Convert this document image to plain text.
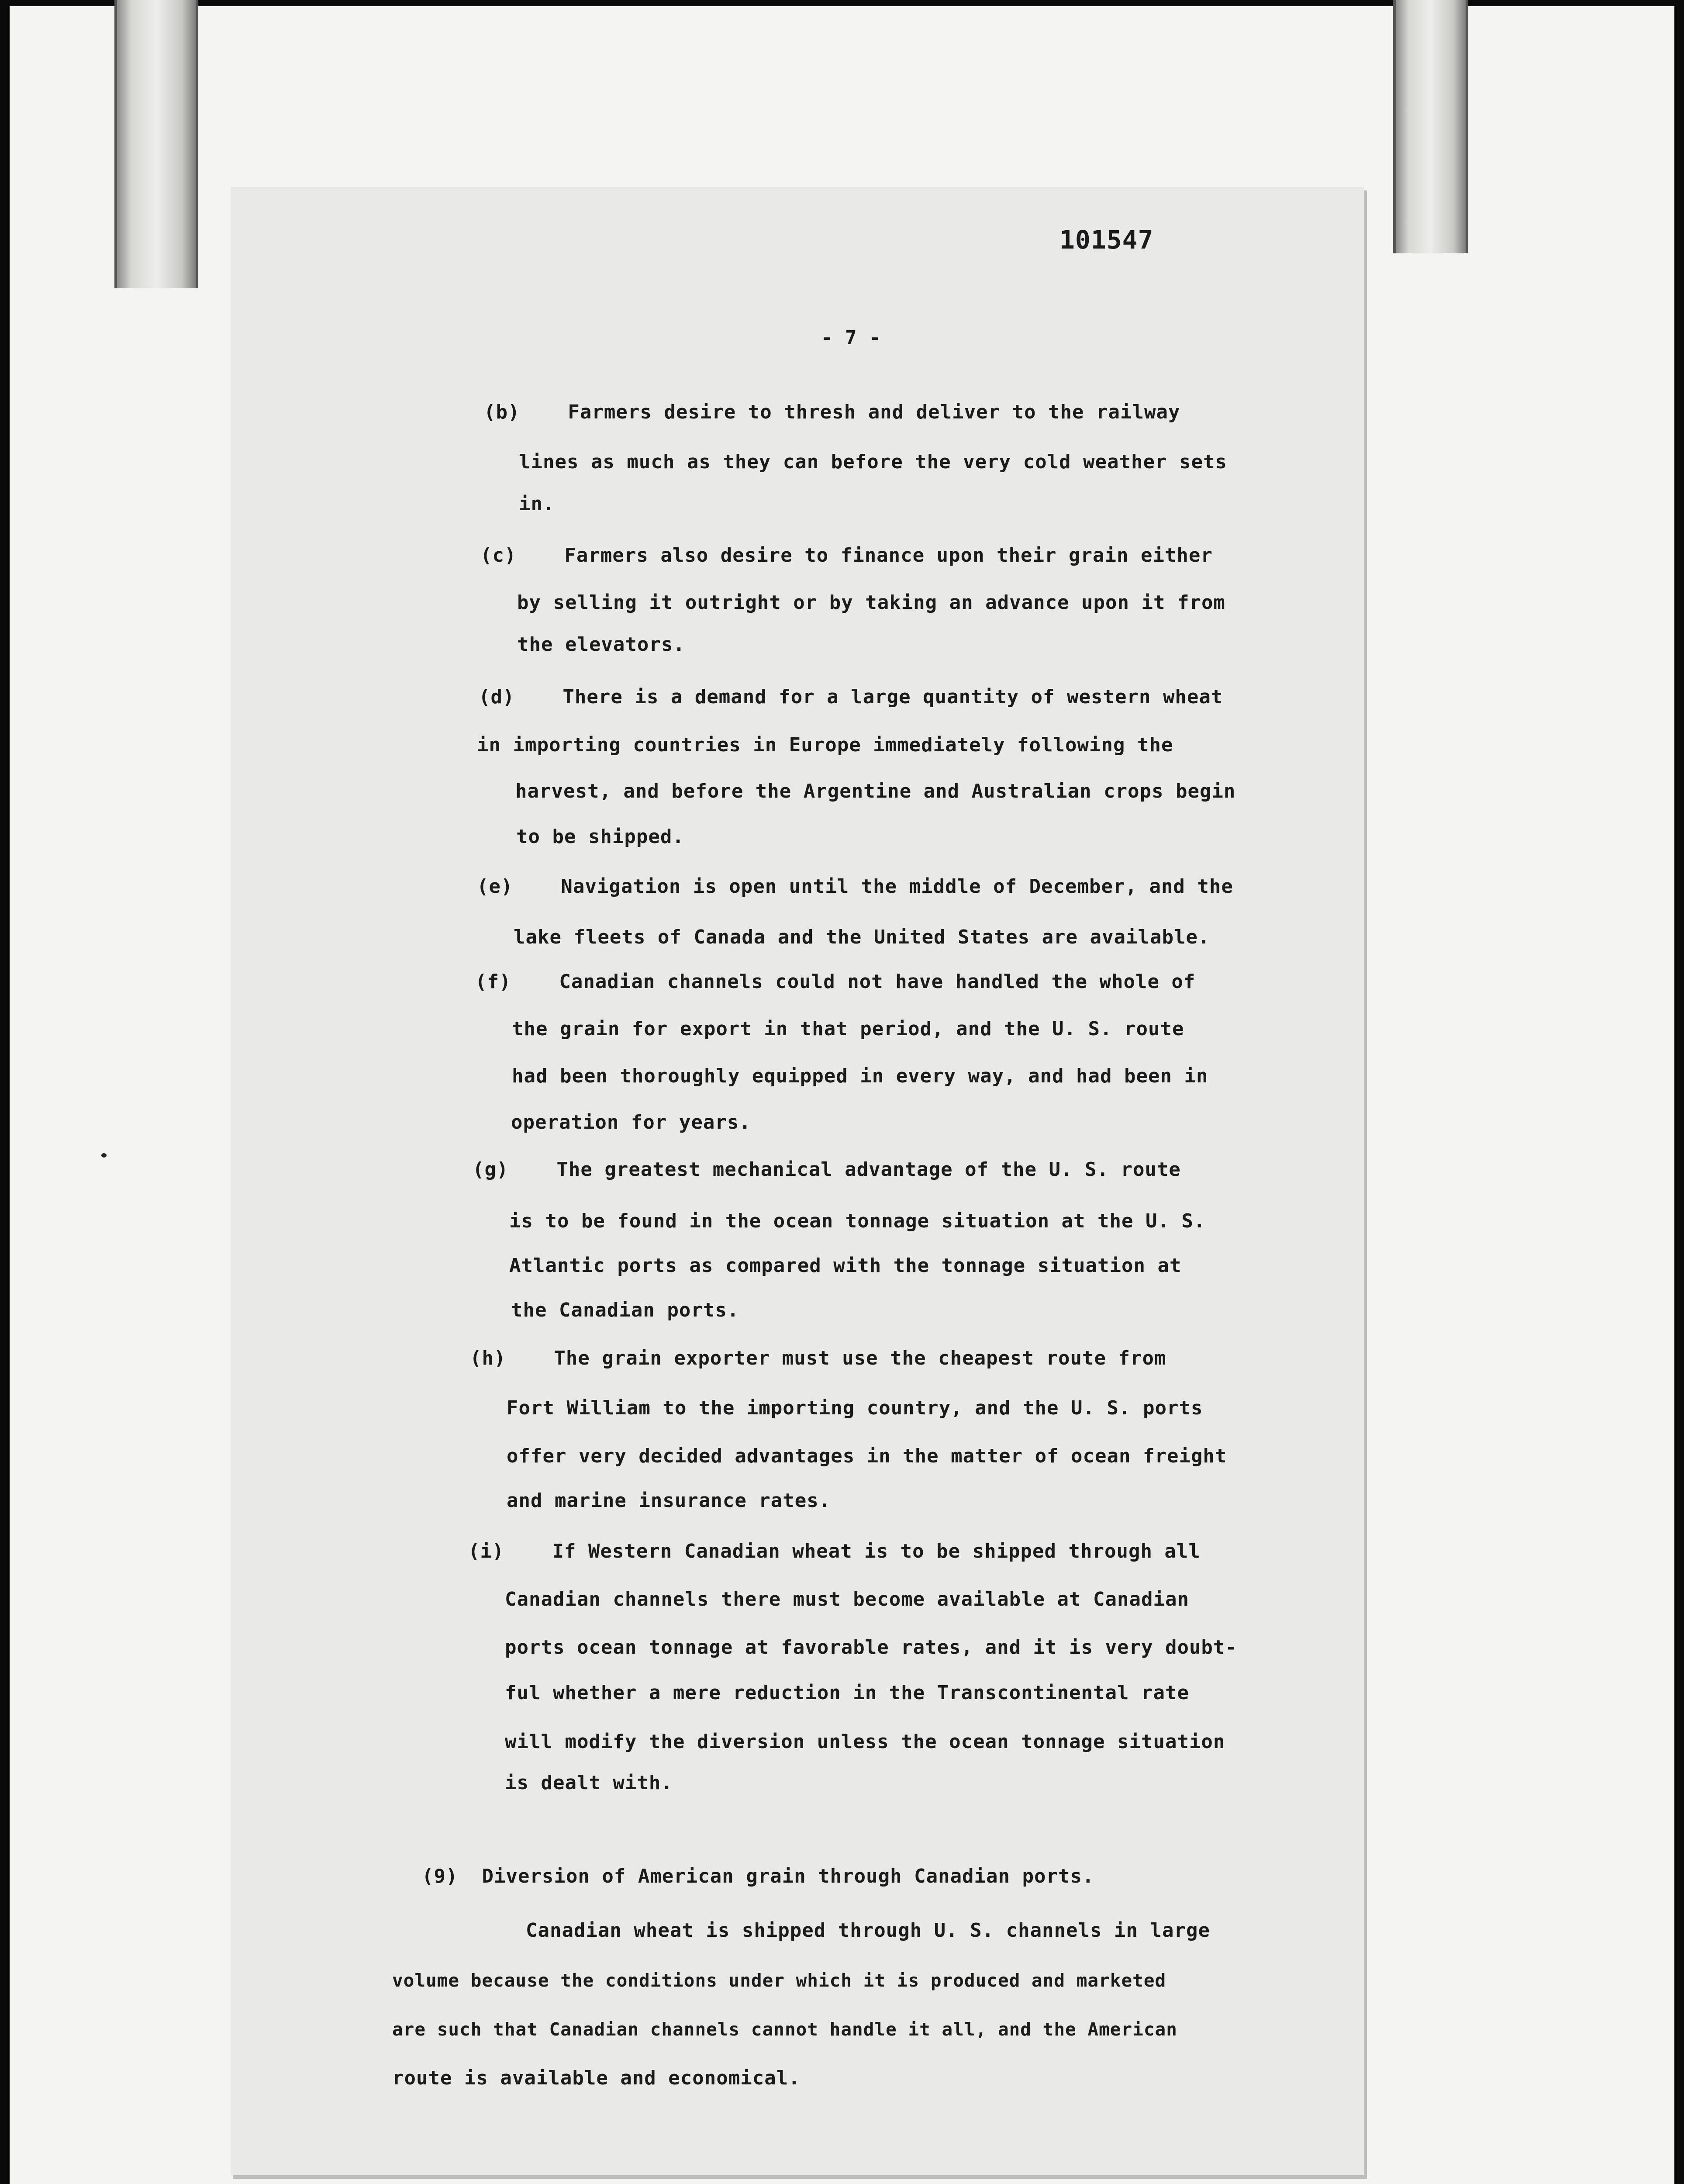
101547
- 7 -
(b)    Farmers desire to thresh and deliver to the railway
lines as much as they can before the very cold weather sets
in.
(c)    Farmers also desire to finance upon their grain either
by selling it outright or by taking an advance upon it from
the elevators.
(d)    There is a demand for a large quantity of western wheat
in importing countries in Europe immediately following the
harvest, and before the Argentine and Australian crops begin
to be shipped.
(e)    Navigation is open until the middle of December, and the
lake fleets of Canada and the United States are available.
(f)    Canadian channels could not have handled the whole of
the grain for export in that period, and the U. S. route
had been thoroughly equipped in every way, and had been in
operation for years.
(g)    The greatest mechanical advantage of the U. S. route
is to be found in the ocean tonnage situation at the U. S.
Atlantic ports as compared with the tonnage situation at
the Canadian ports.
(h)    The grain exporter must use the cheapest route from
Fort William to the importing country, and the U. S. ports
offer very decided advantages in the matter of ocean freight
and marine insurance rates.
(i)    If Western Canadian wheat is to be shipped through all
Canadian channels there must become available at Canadian
ports ocean tonnage at favorable rates, and it is very doubt-
ful whether a mere reduction in the Transcontinental rate
will modify the diversion unless the ocean tonnage situation
is dealt with.
(9)  Diversion of American grain through Canadian ports.
Canadian wheat is shipped through U. S. channels in large
volume because the conditions under which it is produced and marketed
are such that Canadian channels cannot handle it all, and the American
route is available and economical.
